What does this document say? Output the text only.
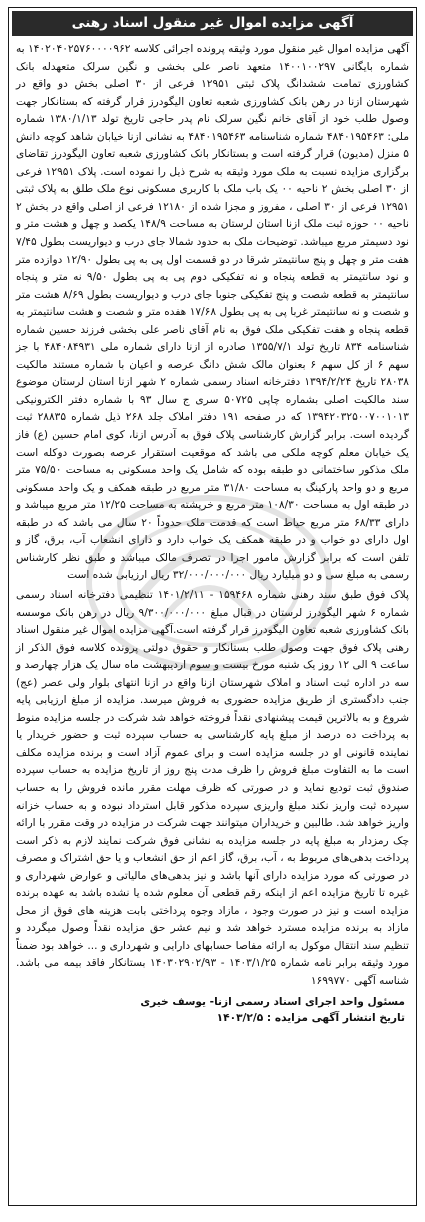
آگهی مزایده اموال غیر منقول اسناد رهنی

آگهی مزایده اموال غیر منقول مورد وثیقه پرونده اجرائی کلاسه ۱۴۰۲۰۴۰۲۵۷۶۰۰۰۰۹۶۲ به شماره بایگانی ۱۴۰۰۱۰۰۲۹۷ متعهد ناصر علی بخشی و نگین سرلک متعهدله بانک کشاورزی تمامت ششدانگ پلاک ثبتی ۱۲۹۵۱ فرعی از ۳۰ اصلی بخش دو واقع در شهرستان ازنا در رهن بانک کشاورزی شعبه تعاون الیگودرز قرار گرفته که بستانکار جهت وصول طلب خود از آقای خانم نگین سرلک نام پدر حاجی تاریخ تولد ۱۳۸۰/۱/۱۳ شماره ملی: ۴۸۴۰۱۹۵۴۶۳ شماره شناسنامه ۴۸۴۰۱۹۵۴۶۳ به نشانی ازنا خیابان شاهد کوچه دانش ۵ منزل (مدیون) قرار گرفته است و بستانکار بانک کشاورزی شعبه تعاون الیگودرز تقاضای برگزاری مزایده نسبت به ملک مورد وثیقه به شرح ذیل را نموده است. پلاک ۱۲۹۵۱ فرعی از ۳۰ اصلی بخش ۲ ناحیه ۰۰ یک باب ملک با کاربری مسکونی نوع ملک طلق به پلاک ثبتی ۱۲۹۵۱ فرعی از ۳۰ اصلی ، مفروز و مجزا شده از ۱۲۱۸۰ فرعی از اصلی واقع در بخش ۲ ناحیه ۰۰ حوزه ثبت ملک ازنا استان لرستان به مساحت ۱۴۸/۹ یکصد و چهل و هشت متر و نود دسیمتر مربع میباشد. توضیحات ملک به حدود شمالا جای درب و دیواریست بطول ۷/۴۵ هفت متر و چهل و پنج سانتیمتر شرقا در دو قسمت اول پی به پی بطول ۱۲/۹۰ دوازده متر و نود سانتیمتر به قطعه پنجاه و نه تفکیکی دوم پی به پی بطول ۹/۵۰ نه متر و پنجاه سانتیمتر به قطعه شصت و پنج تفکیکی جنوبا جای درب و دیواریست بطول ۸/۶۹ هشت متر و شصت و نه سانتیمتر غربا پی به پی بطول ۱۷/۶۸ هفده متر و شصت و هشت سانتیمتر به قطعه پنجاه و هفت تفکیکی ملک فوق به نام آقای ناصر علی بخشی فرزند حسین شماره شناسنامه ۸۳۴ تاریخ تولد ۱۳۵۵/۷/۱ صادره از ازنا دارای شماره ملی ۴۸۴۰۸۴۹۳۱ با جز سهم ۶ از کل سهم ۶ بعنوان مالک شش دانگ عرصه و اعیان با شماره مستند مالکیت ۲۸۰۳۸ تاریخ ۱۳۹۴/۲/۲۴ دفترخانه اسناد رسمی شماره ۲ شهر ازنا استان لرستان موضوع سند مالکیت اصلی بشماره چاپی ۵۰۷۲۵ سری ج سال ۹۳ با شماره دفتر الکترونیکی ۱۳۹۴۲۰۳۲۵۰۰۷۰۰۱۰۱۳ که در صفحه ۱۹۱ دفتر املاک جلد ۲۶۸ ذیل شماره ۲۸۸۳۵ ثبت گردیده است. برابر گزارش کارشناسی پلاک فوق به آدرس ازنا، کوی امام حسین (ع) فاز یک خیابان معلم کوچه ملکی می باشد که موقعیت استقرار عرصه بصورت دوکله است ملک مذکور ساختمانی دو طبقه بوده که شامل یک واحد مسکونی به مساحت ۷۵/۵۰ متر مربع و دو واحد پارکینگ به مساحت ۳۱/۸۰ متر مربع در طبقه همکف و یک واحد مسکونی در طبقه اول به مساحت ۱۰۸/۳۰ متر مربع و خرپشته به مساحت ۱۲/۲۵ متر مربع میباشد و دارای ۶۸/۳۳ متر مربع حیاط است که قدمت ملک حدوداً ۲۰ سال می باشد که در طبقه اول دارای دو خواب و در طبقه همکف یک خواب دارد و دارای انشعاب آب، برق، گاز و تلفن است که برابر گزارش مامور اجرا در تصرف مالک میباشد و طبق نظر کارشناس رسمی به مبلغ سی و دو میلیارد ریال ۳۲/۰۰۰/۰۰۰/۰۰۰ ریال ارزیابی شده است

پلاک فوق طبق سند رهنی شماره ۱۵۹۴۶۸ - ۱۴۰۱/۲/۱۱ تنظیمی دفترخانه اسناد رسمی شماره ۶ شهر الیگودرز لرستان در قبال مبلغ ۹/۳۰۰/۰۰۰/۰۰۰ ریال در رهن بانک موسسه بانک کشاورزی شعبه تعاون الیگودرز قرار گرفته است.آگهی مزایده اموال غیر منقول اسناد رهنی پلاک فوق جهت وصول طلب بستانکار و حقوق دولتی پرونده کلاسه فوق الذکر از ساعت ۹ الی ۱۲ روز یک شنبه مورخ بیست و سوم اردیبهشت ماه سال یک هزار چهارصد و سه در اداره ثبت اسناد و املاک شهرستان ازنا واقع در ازنا انتهای بلوار ولی عصر (عج) جنب دادگستری از طریق مزایده حضوری به فروش میرسد. مزایده از مبلغ ارزیابی پایه شروع و به بالاترین قیمت پیشنهادی نقداً فروخته خواهد شد شرکت در جلسه مزایده منوط به پرداخت ده درصد از مبلغ پایه کارشناسی به حساب سپرده ثبت و حضور خریدار یا نماینده قانونی او در جلسه مزایده است و برای عموم آزاد است و برنده مزایده مکلف است ما به التفاوت مبلغ فروش را ظرف مدت پنج روز از تاریخ مزایده به حساب سپرده صندوق ثبت تودیع نماید و در صورتی که ظرف مهلت مقرر مانده فروش را به حساب سپرده ثبت واریز نکند مبلغ واریزی سپرده مذکور قابل استرداد نبوده و به حساب خزانه واریز خواهد شد. طالبین و خریداران میتوانند جهت شرکت در مزایده در وقت مقرر با ارائه چک رمزدار به مبلغ پایه در جلسه مزایده به نشانی فوق شرکت نمایند لازم به ذکر است پرداخت بدهی‌های مربوط به ، آب، برق، گاز اعم از حق انشعاب و یا حق اشتراک و مصرف در صورتی که مورد مزایده دارای آنها باشد و نیز بدهی‌های مالیاتی و عوارض شهرداری و غیره تا تاریخ مزایده اعم از اینکه رقم قطعی آن معلوم شده یا نشده باشد به عهده برنده مزایده است و نیز در صورت وجود ، مازاد وجوه پرداختی بابت هزینه های فوق از محل مازاد به برنده مزایده مسترد خواهد شد و نیم عشر حق مزایده نقداً وصول میگردد و تنظیم سند انتقال موکول به ارائه مفاصا حسابهای دارایی و شهرداری و ... خواهد بود ضمناً مورد وثیقه برابر نامه شماره ۱۴۰۳/۱/۲۵ - ۱۴۰۳۰۲۹۰۲/۹۳ بستانکار فاقد بیمه می باشد. شناسه آگهی ۱۶۹۹۷۷۰

مسئول واحد اجرای اسناد رسمی ازنا- یوسف خیری
تاریخ انتشار آگهی مزایده : ۱۴۰۳/۲/۵
